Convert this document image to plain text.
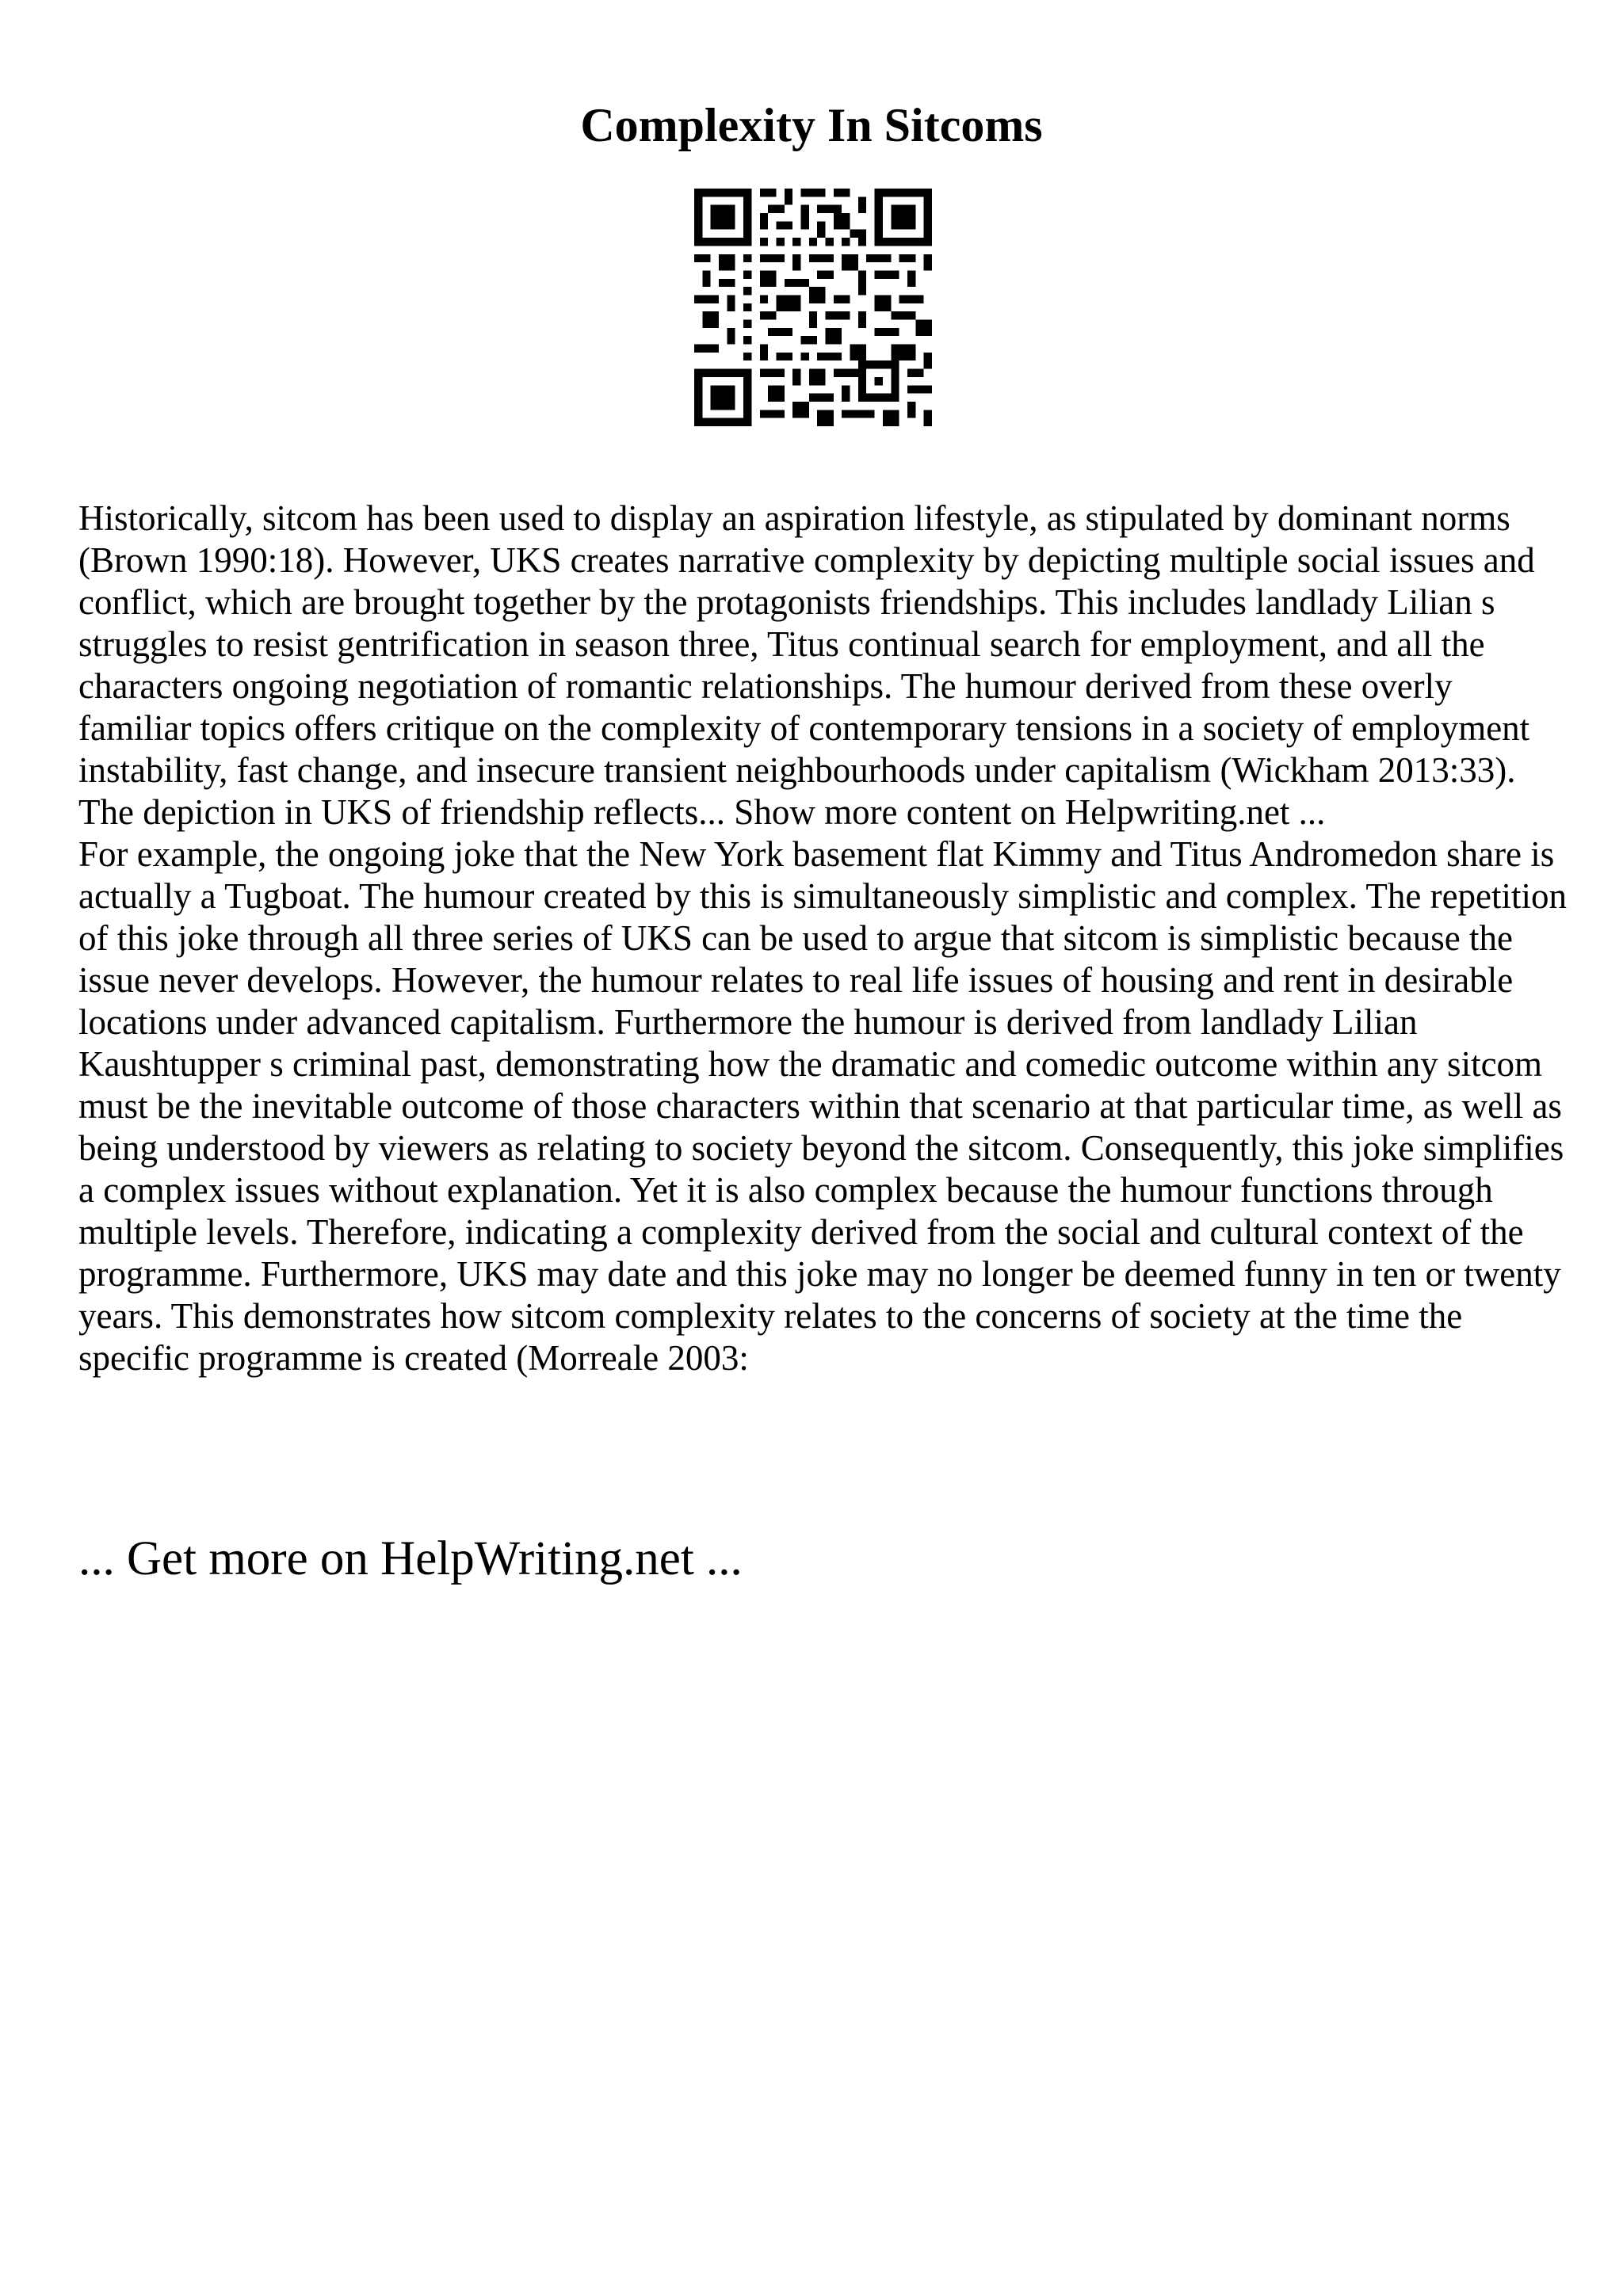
Complexity In Sitcoms

Historically, sitcom has been used to display an aspiration lifestyle, as stipulated by dominant norms (Brown 1990:18). However, UKS creates narrative complexity by depicting multiple social issues and conflict, which are brought together by the protagonists friendships. This includes landlady Lilian s struggles to resist gentrification in season three, Titus continual search for employment, and all the characters ongoing negotiation of romantic relationships. The humour derived from these overly familiar topics offers critique on the complexity of contemporary tensions in a society of employment instability, fast change, and insecure transient neighbourhoods under capitalism (Wickham 2013:33). The depiction in UKS of friendship reflects... Show more content on Helpwriting.net ...

For example, the ongoing joke that the New York basement flat Kimmy and Titus Andromedon share is actually a Tugboat. The humour created by this is simultaneously simplistic and complex. The repetition of this joke through all three series of UKS can be used to argue that sitcom is simplistic because the issue never develops. However, the humour relates to real life issues of housing and rent in desirable locations under advanced capitalism. Furthermore the humour is derived from landlady Lilian Kaushtupper s criminal past, demonstrating how the dramatic and comedic outcome within any sitcom must be the inevitable outcome of those characters within that scenario at that particular time, as well as being understood by viewers as relating to society beyond the sitcom. Consequently, this joke simplifies a complex issues without explanation. Yet it is also complex because the humour functions through multiple levels. Therefore, indicating a complexity derived from the social and cultural context of the programme. Furthermore, UKS may date and this joke may no longer be deemed funny in ten or twenty years. This demonstrates how sitcom complexity relates to the concerns of society at the time the specific programme is created (Morreale 2003:

... Get more on HelpWriting.net ...
